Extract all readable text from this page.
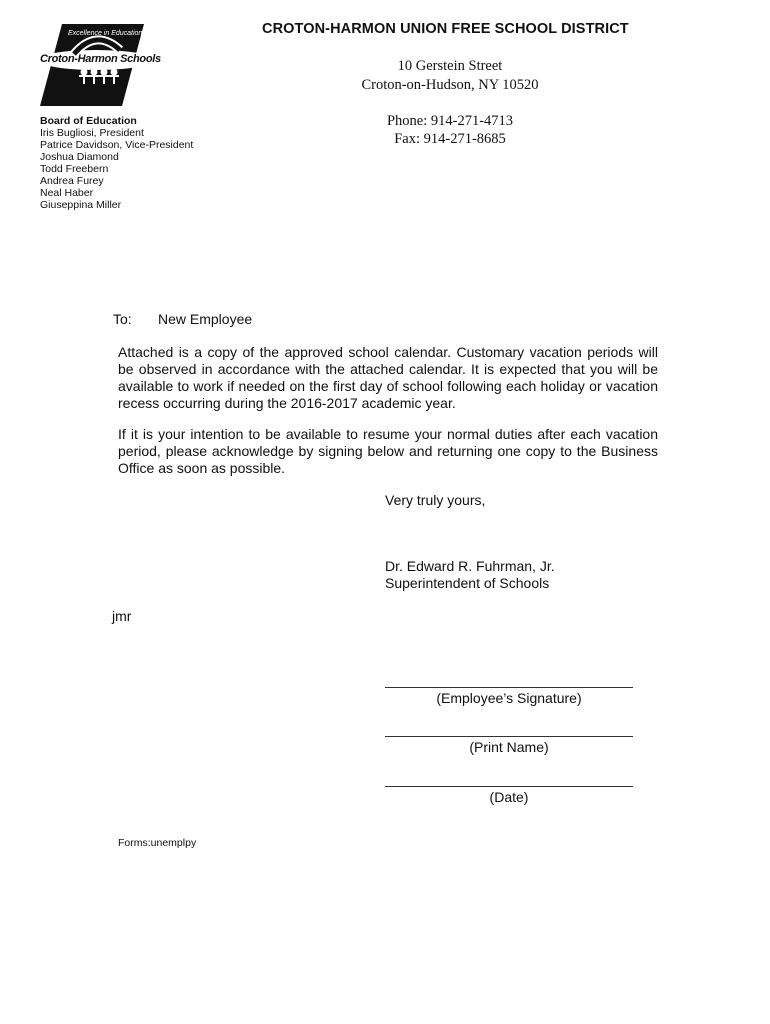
Excellence in Education
Croton-Harmon Schools
CROTON-HARMON UNION FREE SCHOOL DISTRICT
10 Gerstein Street
Croton-on-Hudson, NY 10520
Phone: 914-271-4713
Fax: 914-271-8685
Board of Education
Iris Bugliosi, President
Patrice Davidson, Vice-President
Joshua Diamond
Todd Freebern
Andrea Furey
Neal Haber
Giuseppina Miller
To: New Employee
Attached is a copy of the approved school calendar. Customary vacation periods will be observed in accordance with the attached calendar. It is expected that you will be available to work if needed on the first day of school following each holiday or vacation recess occurring during the 2016-2017 academic year.
If it is your intention to be available to resume your normal duties after each vacation period, please acknowledge by signing below and returning one copy to the Business Office as soon as possible.
Very truly yours,
Dr. Edward R. Fuhrman, Jr.
Superintendent of Schools
jmr
(Employee’s Signature)
(Print Name)
(Date)
Forms:unemplpy
